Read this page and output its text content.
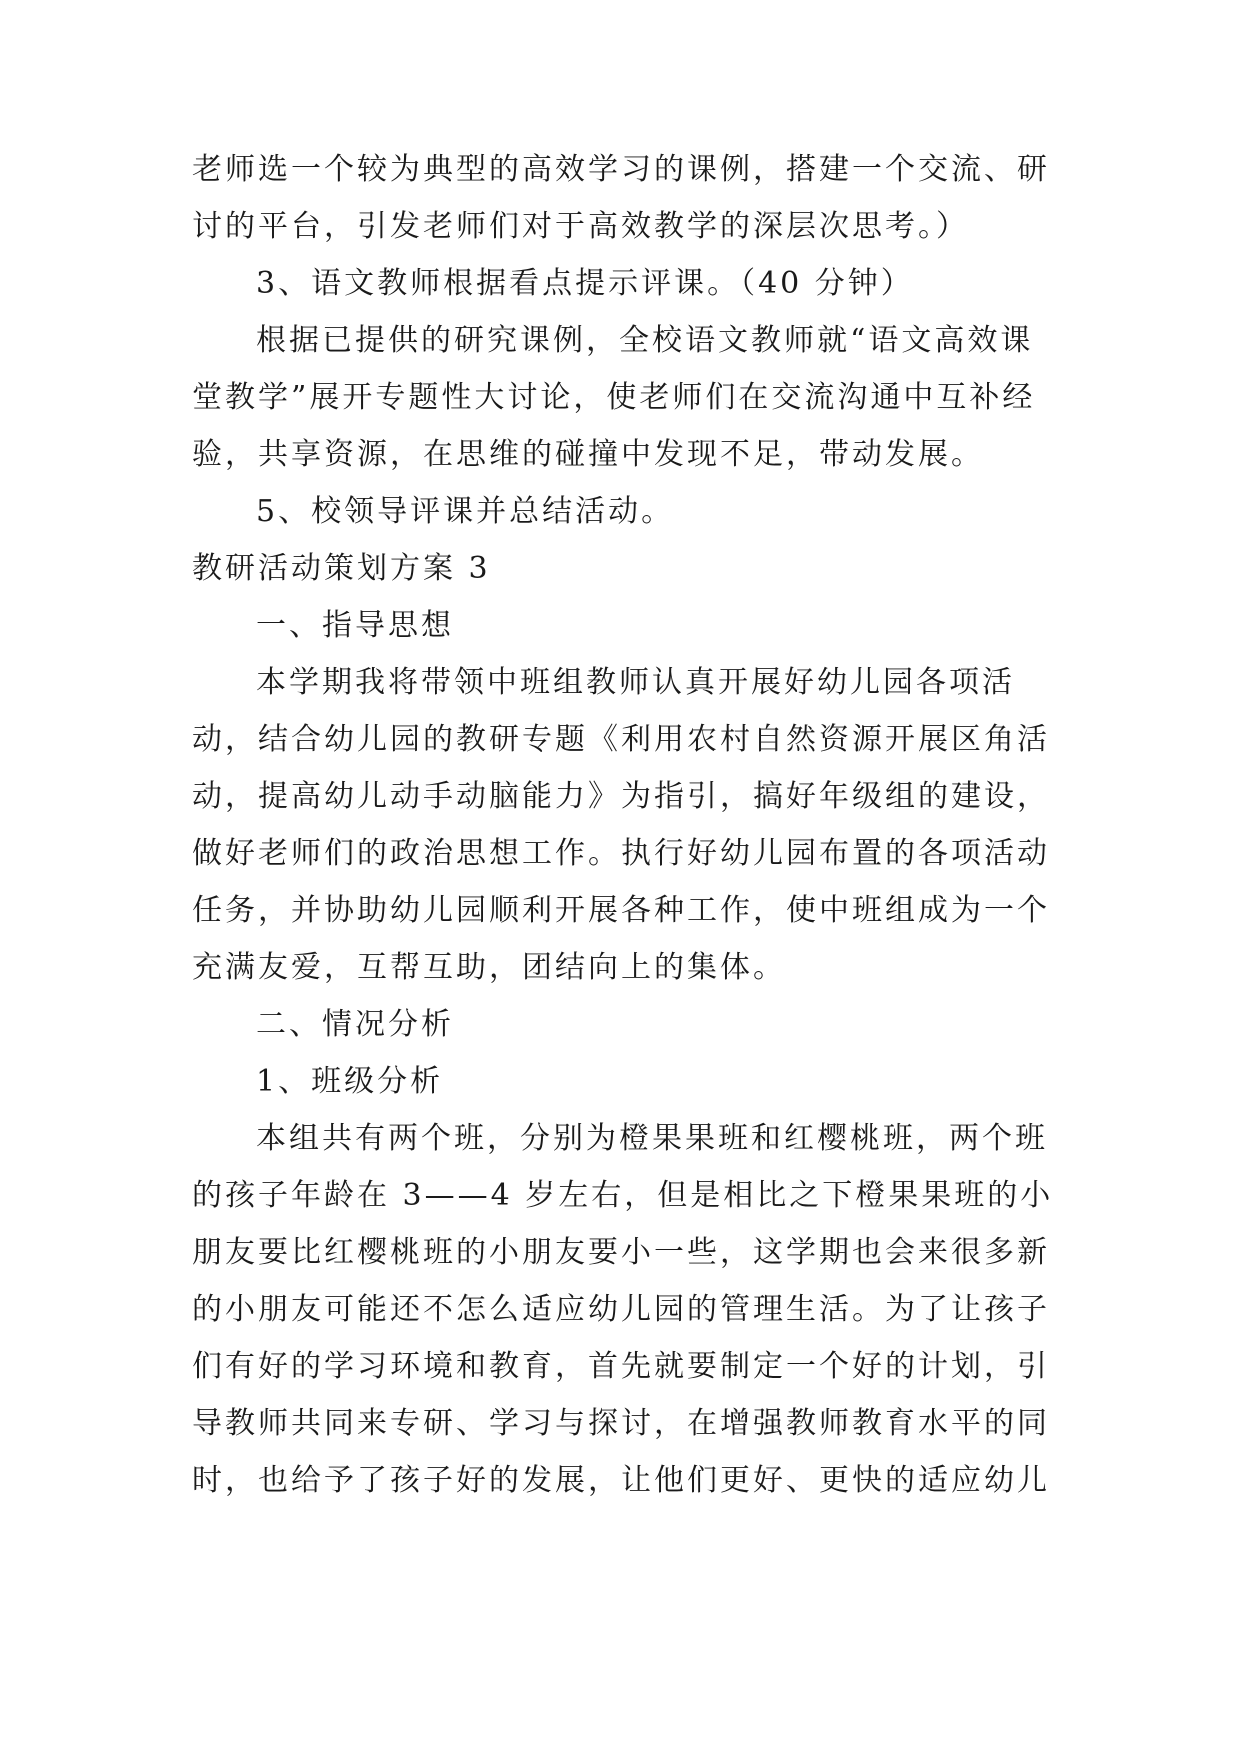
老师选一个较为典型的高效学习的课例，搭建一个交流、研
讨的平台，引发老师们对于高效教学的深层次思考。）
3、语文教师根据看点提示评课。（40 分钟）
根据已提供的研究课例，全校语文教师就“语文高效课
堂教学”展开专题性大讨论，使老师们在交流沟通中互补经
验，共享资源，在思维的碰撞中发现不足，带动发展。
5、校领导评课并总结活动。
教研活动策划方案 3
一、指导思想
本学期我将带领中班组教师认真开展好幼儿园各项活
动，结合幼儿园的教研专题《利用农村自然资源开展区角活
动，提高幼儿动手动脑能力》为指引，搞好年级组的建设，
做好老师们的政治思想工作。执行好幼儿园布置的各项活动
任务，并协助幼儿园顺利开展各种工作，使中班组成为一个
充满友爱，互帮互助，团结向上的集体。
二、情况分析
1、班级分析
本组共有两个班，分别为橙果果班和红樱桃班，两个班
的孩子年龄在 3——4 岁左右，但是相比之下橙果果班的小
朋友要比红樱桃班的小朋友要小一些，这学期也会来很多新
的小朋友可能还不怎么适应幼儿园的管理生活。为了让孩子
们有好的学习环境和教育，首先就要制定一个好的计划，引
导教师共同来专研、学习与探讨，在增强教师教育水平的同
时，也给予了孩子好的发展，让他们更好、更快的适应幼儿
